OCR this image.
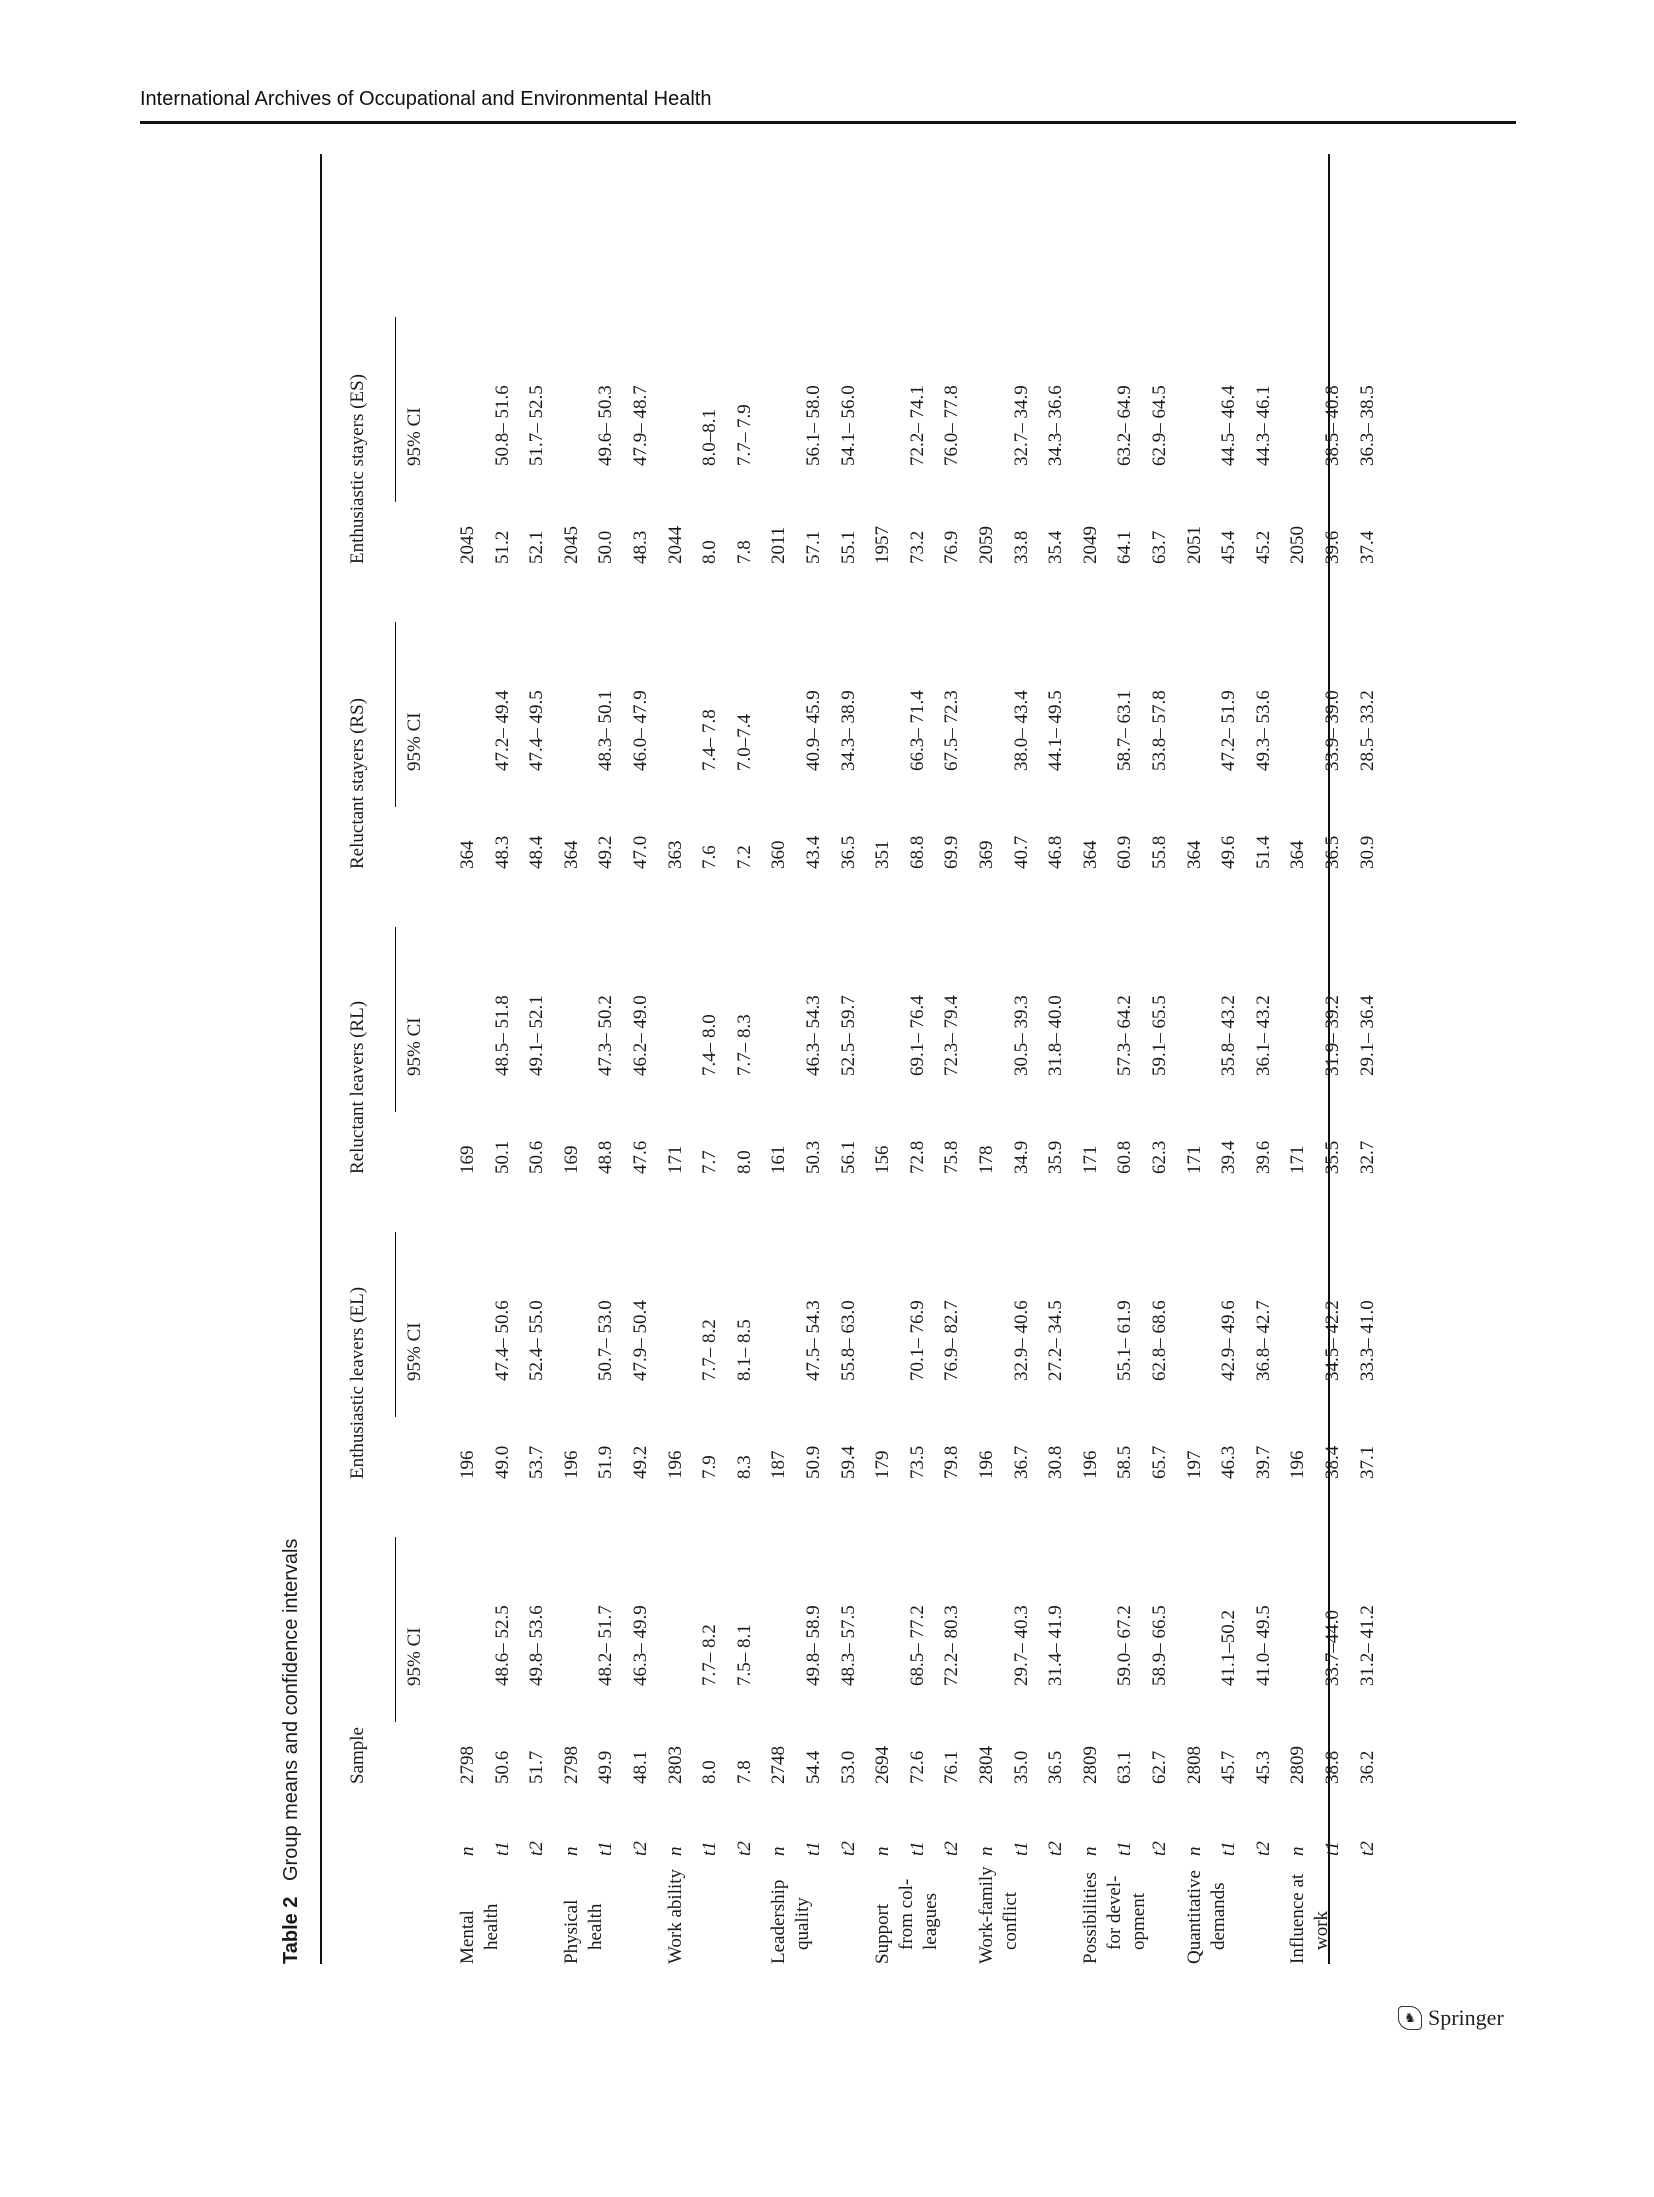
International Archives of Occupational and Environmental Health
Table 2 Group means and confidence intervals Sample
95% CI
Enthusiastic leavers (EL) 95% CI
Reluctant leavers (RL) 95% CI
Reluctant stayers (RS) 95% CI
Enthusiastic stayers (ES) 95% CI
Mental health
n
2798
196
169
364
2045
t1
50.6
48.6– 52.5
49.0
47.4– 50.6
50.1
48.5– 51.8
48.3
47.2– 49.4
51.2
50.8– 51.6
t2
51.7
49.8– 53.6
53.7
52.4– 55.0
50.6
49.1– 52.1
48.4
47.4– 49.5
52.1
51.7– 52.5
Physical health
n
2798
196
169
364
2045
t1
49.9
48.2– 51.7
51.9
50.7– 53.0
48.8
47.3– 50.2
49.2
48.3– 50.1
50.0
49.6– 50.3
t2
48.1
46.3– 49.9
49.2
47.9– 50.4
47.6
46.2– 49.0
47.0
46.0– 47.9
48.3
47.9– 48.7
Work ability
n
2803
196
171
363
2044
t1
8.0
7.7– 8.2
7.9
7.7– 8.2
7.7
7.4– 8.0
7.6
7.4– 7.8
8.0
8.0–8.1
t2
7.8
7.5– 8.1
8.3
8.1– 8.5
8.0
7.7– 8.3
7.2
7.0–7.4
7.8
7.7– 7.9
Leadership quality
n
2748
187
161
360
2011
t1
54.4
49.8– 58.9
50.9
47.5– 54.3
50.3
46.3– 54.3
43.4
40.9– 45.9
57.1
56.1– 58.0
t2
53.0
48.3– 57.5
59.4
55.8– 63.0
56.1
52.5– 59.7
36.5
34.3– 38.9
55.1
54.1– 56.0
Support from col- leagues
n
2694
179
156
351
1957
t1
72.6
68.5– 77.2
73.5
70.1– 76.9
72.8
69.1– 76.4
68.8
66.3– 71.4
73.2
72.2– 74.1
t2
76.1
72.2– 80.3
79.8
76.9– 82.7
75.8
72.3– 79.4
69.9
67.5– 72.3
76.9
76.0– 77.8
Work-family conflict
n
2804
196
178
369
2059
t1
35.0
29.7– 40.3
36.7
32.9– 40.6
34.9
30.5– 39.3
40.7
38.0– 43.4
33.8
32.7– 34.9
t2
36.5
31.4– 41.9
30.8
27.2– 34.5
35.9
31.8– 40.0
46.8
44.1– 49.5
35.4
34.3– 36.6
Possibilities for devel- opment
n
2809
196
171
364
2049
t1
63.1
59.0– 67.2
58.5
55.1– 61.9
60.8
57.3– 64.2
60.9
58.7– 63.1
64.1
63.2– 64.9
t2
62.7
58.9– 66.5
65.7
62.8– 68.6
62.3
59.1– 65.5
55.8
53.8– 57.8
63.7
62.9– 64.5
Quantitative demands
n
2808
197
171
364
2051
t1
45.7
41.1–50.2
46.3
42.9– 49.6
39.4
35.8– 43.2
49.6
47.2– 51.9
45.4
44.5– 46.4
t2
45.3
41.0– 49.5
39.7
36.8– 42.7
39.6
36.1– 43.2
51.4
49.3– 53.6
45.2
44.3– 46.1
Influence at work
n
2809
196
171
364
2050
t1
38.8
33.7–44.0
38.4
34.5– 42.2
35.5
31.9– 39.2
36.5
33.9– 39.0
39.6
38.5– 40.8
t2
36.2
31.2– 41.2
37.1
33.3– 41.0
32.7
29.1– 36.4
30.9
28.5– 33.2
37.4
36.3– 38.5
♞ Springer
